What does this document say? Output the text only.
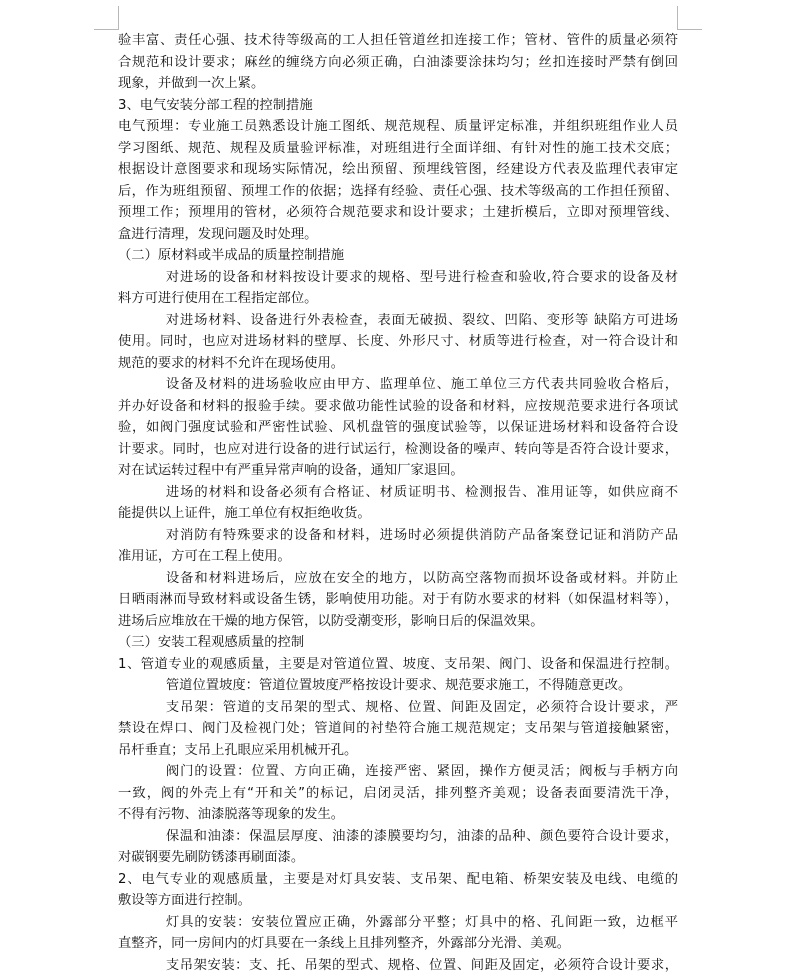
验丰富、责任心强、技术待等级高的工人担任管道丝扣连接工作；管材、管件的质量必须符
合规范和设计要求；麻丝的缠绕方向必须正确，白油漆要涂抹均匀；丝扣连接时严禁有倒回
现象，并做到一次上紧。
3、电气安装分部工程的控制措施
电气预埋：专业施工员熟悉设计施工图纸、规范规程、质量评定标准，并组织班组作业人员
学习图纸、规范、规程及质量验评标准，对班组进行全面详细、有针对性的施工技术交底；
根据设计意图要求和现场实际情况，绘出预留、预埋线管图，经建设方代表及监理代表审定
后，作为班组预留、预埋工作的依据；选择有经验、责任心强、技术等级高的工作担任预留、
预埋工作；预埋用的管材，必须符合规范要求和设计要求；土建折模后，立即对预埋管线、
盒进行清理，发现问题及时处理。
（二）原材料或半成品的质量控制措施
对进场的设备和材料按设计要求的规格、型号进行检查和验收,符合要求的设备及材
料方可进行使用在工程指定部位。
对进场材料、设备进行外表检查，表面无破损、裂纹、凹陷、变形等 缺陷方可进场
使用。同时，也应对进场材料的壁厚、长度、外形尺寸、材质等进行检查，对一符合设计和
规范的要求的材料不允许在现场使用。
设备及材料的进场验收应由甲方、监理单位、施工单位三方代表共同验收合格后，
并办好设备和材料的报验手续。要求做功能性试验的设备和材料，应按规范要求进行各项试
验，如阀门强度试验和严密性试验、风机盘管的强度试验等，以保证进场材料和设备符合设
计要求。同时，也应对进行设备的进行试运行，检测设备的噪声、转向等是否符合设计要求，
对在试运转过程中有严重异常声响的设备，通知厂家退回。
进场的材料和设备必须有合格证、材质证明书、检测报告、准用证等，如供应商不
能提供以上证件，施工单位有权拒绝收货。
对消防有特殊要求的设备和材料，进场时必须提供消防产品备案登记证和消防产品
准用证，方可在工程上使用。
设备和材料进场后，应放在安全的地方，以防高空落物而损坏设备或材料。并防止
日晒雨淋而导致材料或设备生锈，影响使用功能。对于有防水要求的材料（如保温材料等），
进场后应堆放在干燥的地方保管，以防受潮变形，影响日后的保温效果。
（三）安装工程观感质量的控制
1、管道专业的观感质量，主要是对管道位置、坡度、支吊架、阀门、设备和保温进行控制。
管道位置坡度：管道位置坡度严格按设计要求、规范要求施工，不得随意更改。
支吊架：管道的支吊架的型式、规格、位置、间距及固定，必须符合设计要求，严
禁设在焊口、阀门及检视门处；管道间的衬垫符合施工规范规定；支吊架与管道接触紧密，
吊杆垂直；支吊上孔眼应采用机械开孔。
阀门的设置：位置、方向正确，连接严密、紧固，操作方便灵活；阀板与手柄方向
一致，阀的外壳上有“开和关”的标记，启闭灵活，排列整齐美观；设备表面要清洗干净，
不得有污物、油漆脱落等现象的发生。
保温和油漆：保温层厚度、油漆的漆膜要均匀，油漆的品种、颜色要符合设计要求，
对碳钢要先刷防锈漆再刷面漆。
2、电气专业的观感质量，主要是对灯具安装、支吊架、配电箱、桥架安装及电线、电缆的
敷设等方面进行控制。
灯具的安装：安装位置应正确，外露部分平整；灯具中的格、孔间距一致，边框平
直整齐，同一房间内的灯具要在一条线上且排列整齐，外露部分光滑、美观。
支吊架安装：支、托、吊架的型式、规格、位置、间距及固定，必须符合设计要求，
